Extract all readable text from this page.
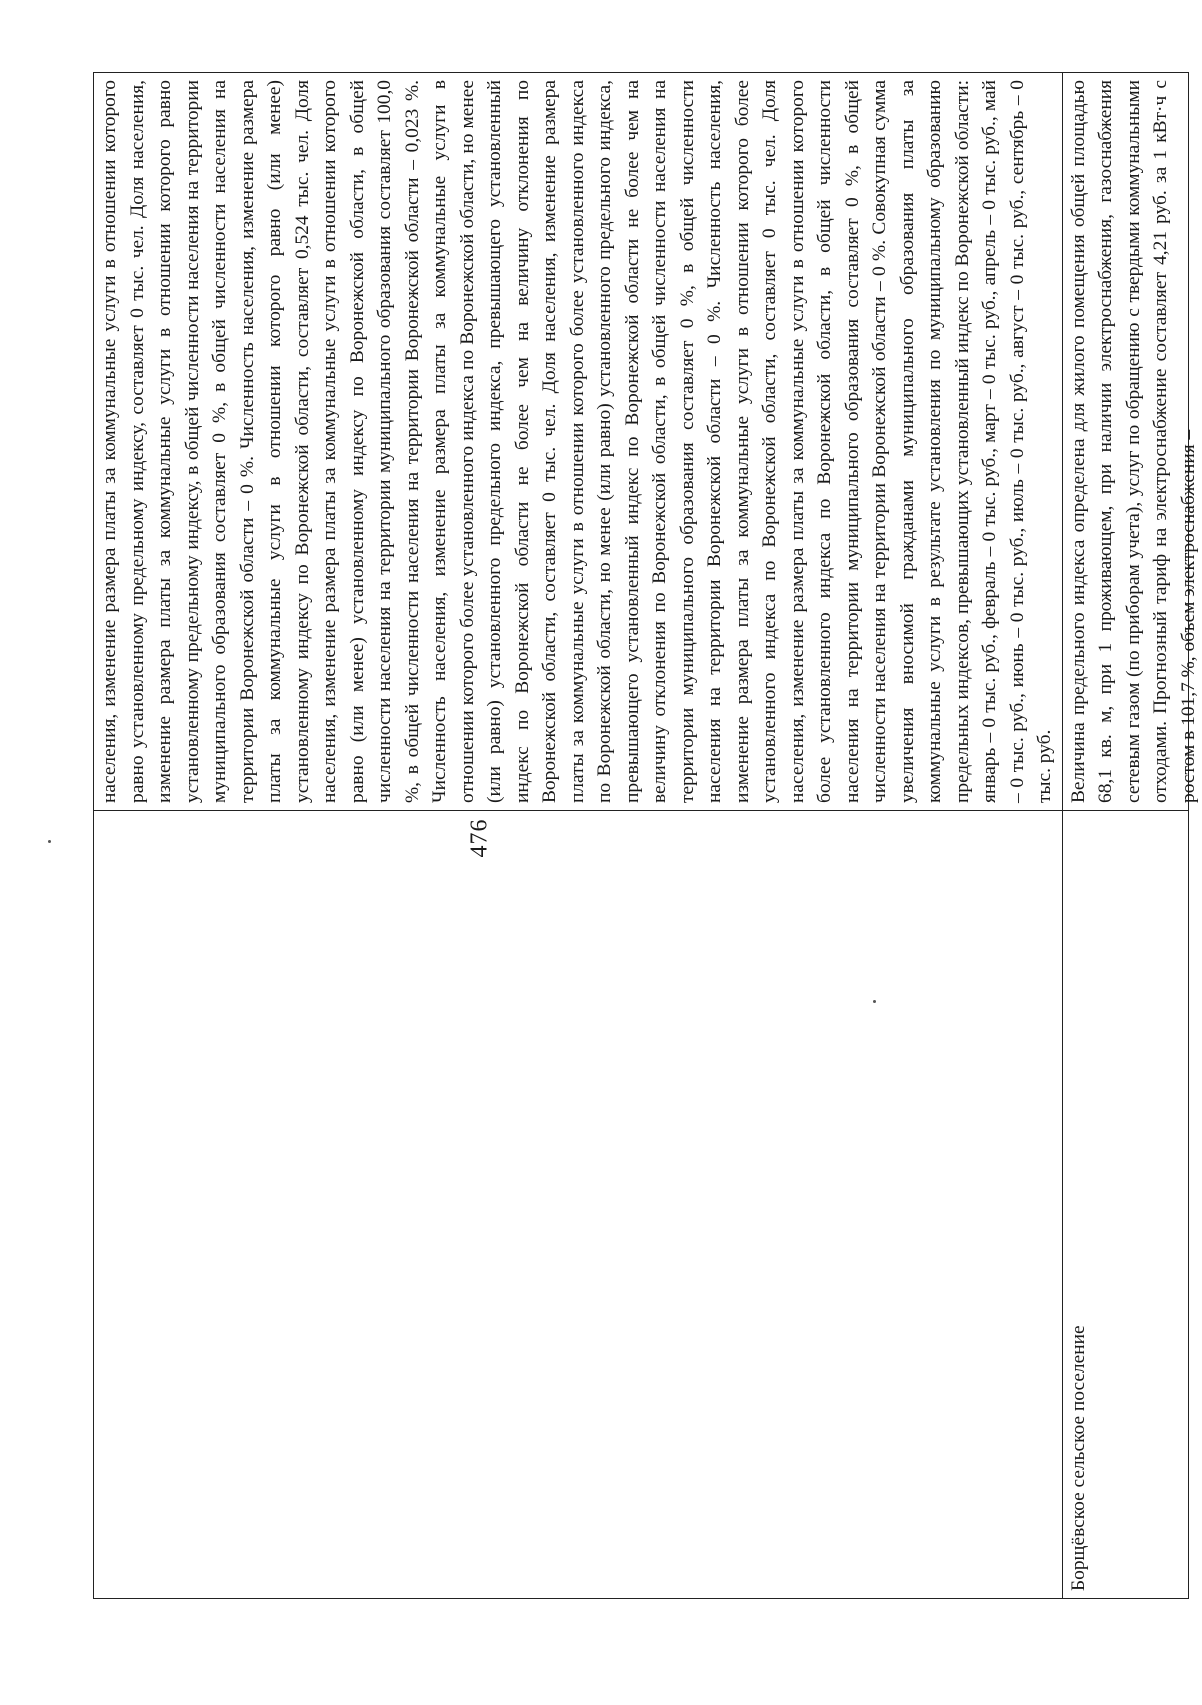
476
	населения, изменение размера платы за коммунальные услуги в отношении которого равно установленному предельному индексу, составляет 0 тыс. чел. Доля населения, изменение размера платы за коммунальные услуги в отношении которого равно установленному предельному индексу, в общей численности населения на территории муниципального образования составляет 0 %, в общей численности населения на территории Воронежской области – 0 %. Численность населения, изменение размера платы за коммунальные услуги в отношении которого равно (или менее) установленному индексу по Воронежской области, составляет 0,524 тыс. чел. Доля населения, изменение размера платы за коммунальные услуги в отношении которого равно (или менее) установленному индексу по Воронежской области, в общей численности населения на территории муниципального образования составляет 100,0 %, в общей численности населения на территории Воронежской области – 0,023 %. Численность населения, изменение размера платы за коммунальные услуги в отношении которого более установленного индекса по Воронежской области, но менее (или равно) установленного предельного индекса, превышающего установленный индекс по Воронежской области не более чем на величину отклонения по Воронежской области, составляет 0 тыс. чел. Доля населения, изменение размера платы за коммунальные услуги в отношении которого более установленного индекса по Воронежской области, но менее (или равно) установленного предельного индекса, превышающего установленный индекс по Воронежской области не более чем на величину отклонения по Воронежской области, в общей численности населения на территории муниципального образования составляет 0 %, в общей численности населения на территории Воронежской области – 0 %. Численность населения, изменение размера платы за коммунальные услуги в отношении которого более установленного индекса по Воронежской области, составляет 0 тыс. чел. Доля населения, изменение размера платы за коммунальные услуги в отношении которого более установленного индекса по Воронежской области, в общей численности населения на территории муниципального образования составляет 0 %, в общей численности населения на территории Воронежской области – 0 %. Совокупная сумма увеличения вносимой гражданами муниципального образования платы за коммунальные услуги в результате установления по муниципальному образованию предельных индексов, превышающих установленный индекс по Воронежской области: январь – 0 тыс. руб., февраль – 0 тыс. руб., март – 0 тыс. руб., апрель – 0 тыс. руб., май – 0 тыс. руб., июнь – 0 тыс. руб., июль – 0 тыс. руб., август – 0 тыс. руб., сентябрь – 0 тыс. руб.
Борщёвское сельское поселение	Величина предельного индекса определена для жилого помещения общей площадью 68,1 кв. м, при 1 проживающем, при наличии электроснабжения, газоснабжения сетевым газом (по приборам учета), услуг по обращению с твердыми коммунальными отходами. Прогнозный тариф на электроснабжение составляет 4,21 руб. за 1 кВт·ч с ростом в 101,7 %, объем электроснабжения –
